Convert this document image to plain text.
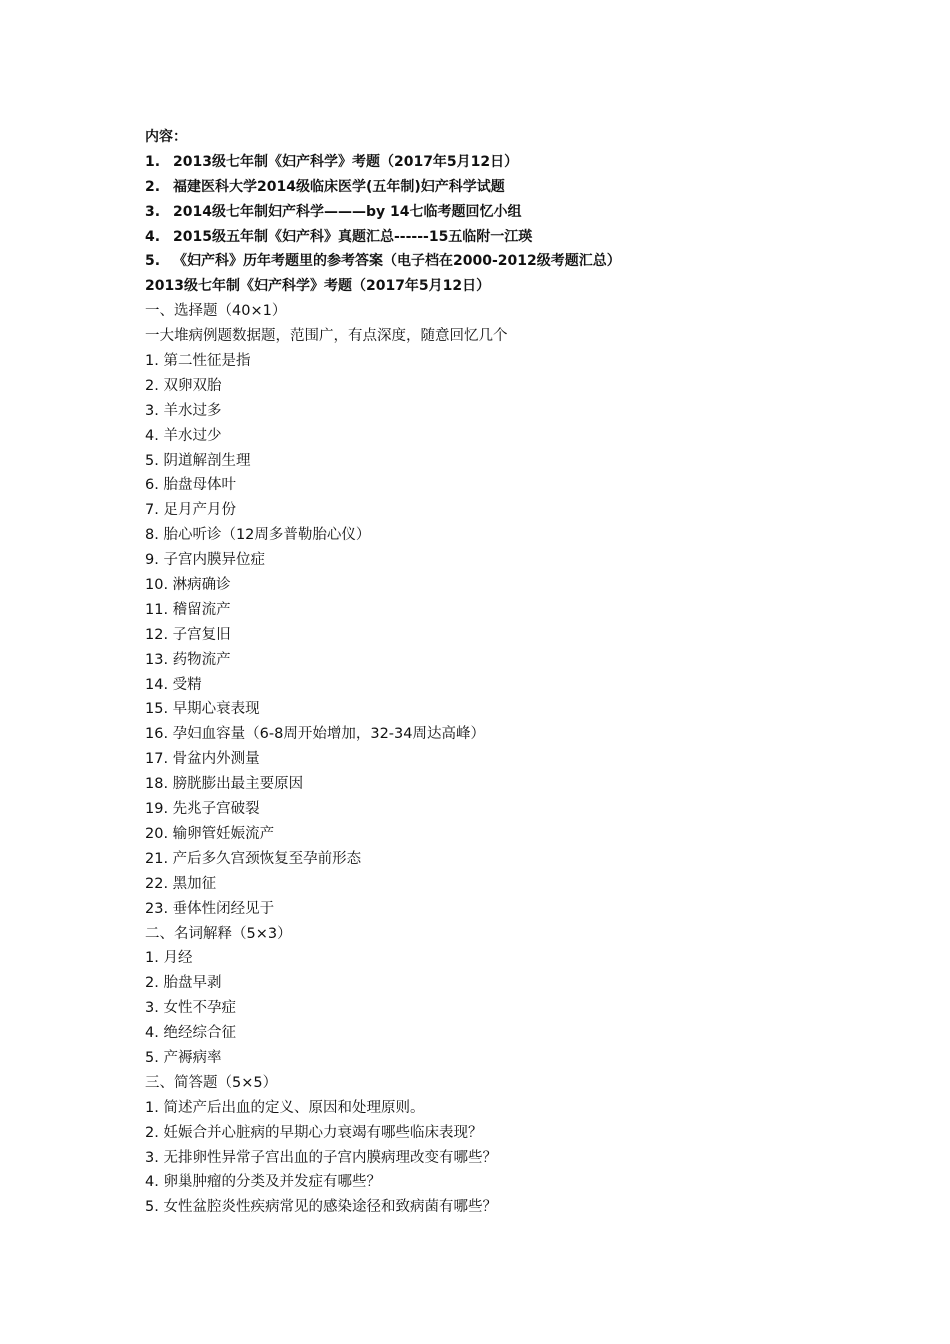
内容：
1. 2013级七年制《妇产科学》考题（2017年5月12日）
2. 福建医科大学2014级临床医学(五年制)妇产科学试题
3. 2014级七年制妇产科学———by 14七临考题回忆小组
4. 2015级五年制《妇产科》真题汇总------15五临附一江瑛
5. 《妇产科》历年考题里的参考答案（电子档在2000-2012级考题汇总）
2013级七年制《妇产科学》考题（2017年5月12日）
一、选择题（40×1）
一大堆病例题数据题，范围广，有点深度，随意回忆几个
1. 第二性征是指
2. 双卵双胎
3. 羊水过多
4. 羊水过少
5. 阴道解剖生理
6. 胎盘母体叶
7. 足月产月份
8. 胎心听诊（12周多普勒胎心仪）
9. 子宫内膜异位症
10. 淋病确诊
11. 稽留流产
12. 子宫复旧
13. 药物流产
14. 受精
15. 早期心衰表现
16. 孕妇血容量（6-8周开始增加，32-34周达高峰）
17. 骨盆内外测量
18. 膀胱膨出最主要原因
19. 先兆子宫破裂
20. 输卵管妊娠流产
21. 产后多久宫颈恢复至孕前形态
22. 黑加征
23. 垂体性闭经见于
二、名词解释（5×3）
1. 月经
2. 胎盘早剥
3. 女性不孕症
4. 绝经综合征
5. 产褥病率
三、简答题（5×5）
1. 简述产后出血的定义、原因和处理原则。
2. 妊娠合并心脏病的早期心力衰竭有哪些临床表现？
3. 无排卵性异常子宫出血的子宫内膜病理改变有哪些？
4. 卵巢肿瘤的分类及并发症有哪些？
5. 女性盆腔炎性疾病常见的感染途径和致病菌有哪些？
